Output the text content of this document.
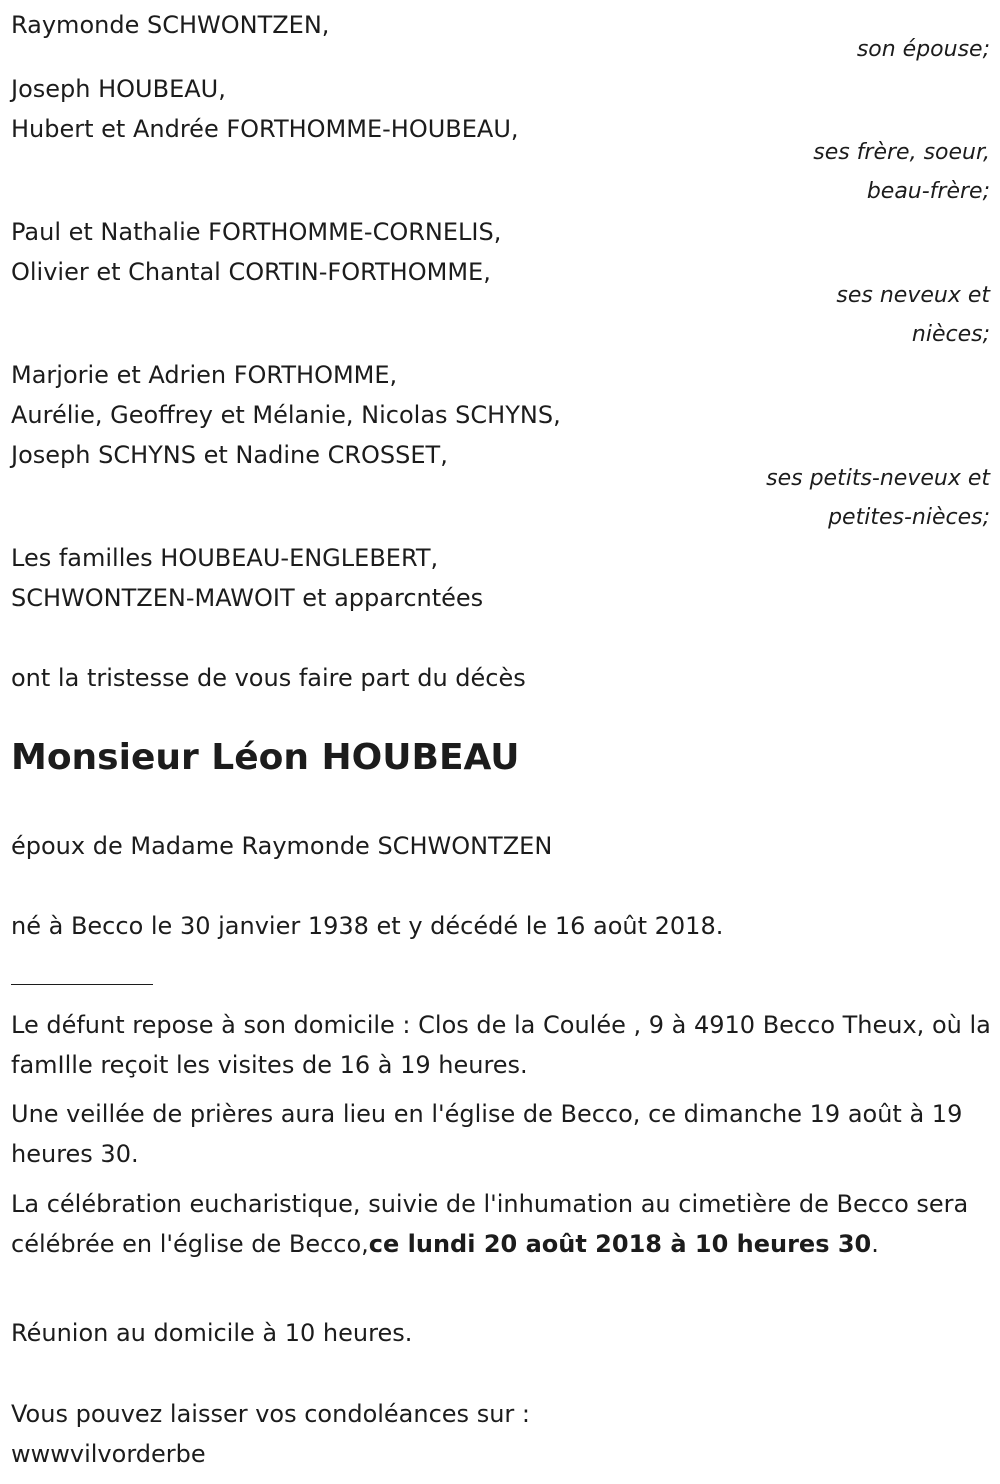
Raymonde SCHWONTZEN,

son épouse;

Joseph HOUBEAU,

Hubert et Andrée FORTHOMME-HOUBEAU,

ses frère, soeur,

beau-frère;

Paul et Nathalie FORTHOMME-CORNELIS,

Olivier et Chantal CORTIN-FORTHOMME,

ses neveux et

nièces;

Marjorie et Adrien FORTHOMME,

Aurélie, Geoffrey et Mélanie, Nicolas SCHYNS,

Joseph SCHYNS et Nadine CROSSET,

ses petits-neveux et

petites-nièces;

Les familles HOUBEAU-ENGLEBERT,

SCHWONTZEN-MAWOIT et apparcntées

ont la tristesse de vous faire part du décès

Monsieur Léon HOUBEAU

époux de Madame Raymonde SCHWONTZEN

né à Becco le 30 janvier 1938 et y décédé le 16 août 2018.

Le défunt repose à son domicile : Clos de la Coulée , 9 à 4910 Becco Theux, où la famIlle reçoit les visites de 16 à 19 heures.

Une veillée de prières aura lieu en l'église de Becco, ce dimanche 19 août à 19 heures 30.

La célébration eucharistique, suivie de l'inhumation au cimetière de Becco sera célébrée en l'église de Becco,ce lundi 20 août 2018 à 10 heures 30.

Réunion au domicile à 10 heures.

Vous pouvez laisser vos condoléances sur :

wwwvilvorderbe
